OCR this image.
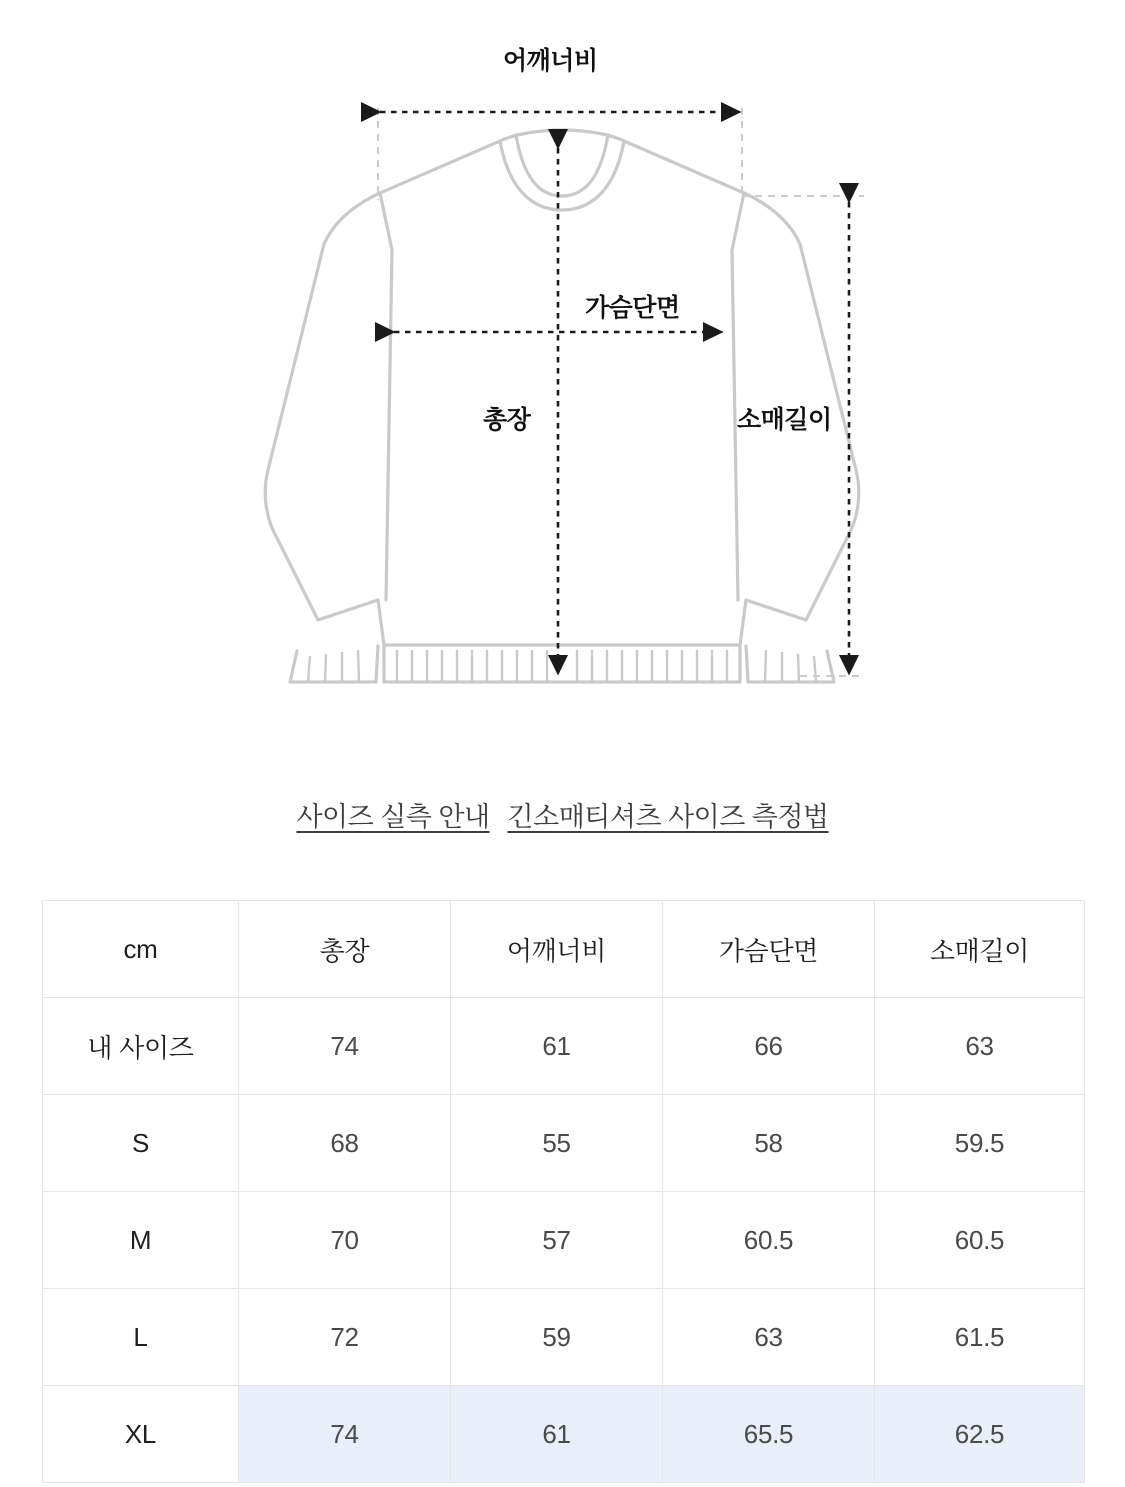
어깨너비
가슴단면
총장	소매길이
사이즈 실측 안내 긴소매티셔츠 사이즈 측정법
cm	총장	어깨너비	가슴단면	소매길이
내 사이즈	74	61	66	63
S	68	55	58	59.5
M	70	57	60.5	60.5
L	72	59	63	61.5
XL	74	61	65.5	62.5
